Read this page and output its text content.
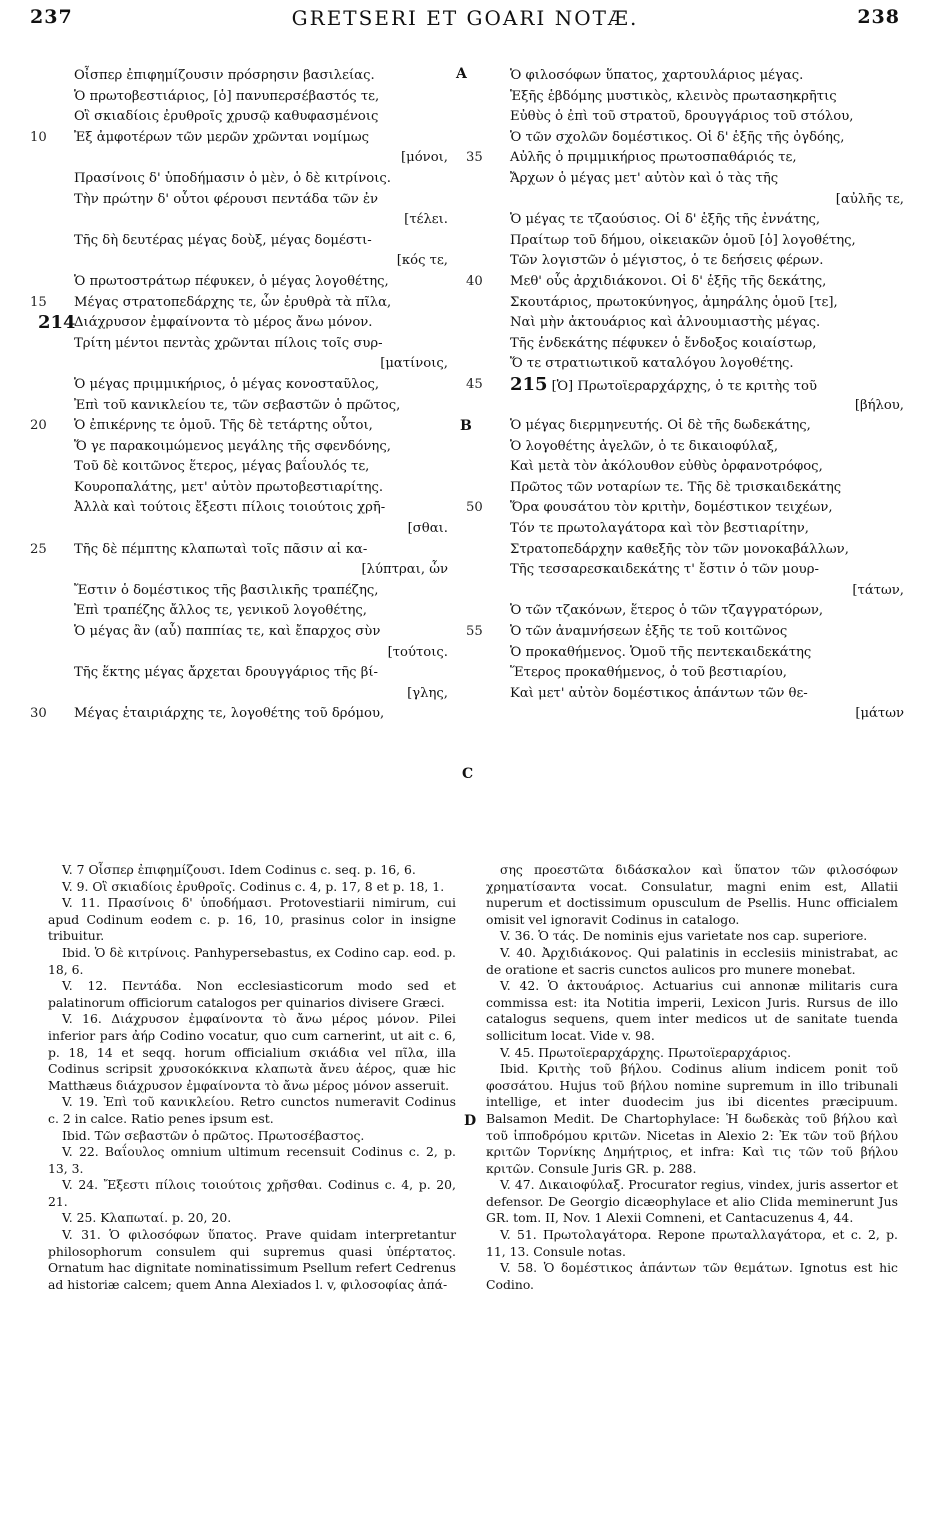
237	GRETSERI ET GOARI NOTÆ.	238
A
B
C
D
Οἶσπερ ἐπιφημίζουσιν πρόσρησιν βασιλείας.
Ὁ πρωτοβεστιάριος, [ὁ] πανυπερσέβαστός τε,
Οἳ σκιαδίοις ἐρυθροῖς χρυσῷ καθυφασμένοις
10	Ἐξ ἀμφοτέρων τῶν μερῶν χρῶνται νομίμως
[μόνοι,
Πρασίνοις δ' ὑποδήμασιν ὁ μὲν, ὁ δὲ κιτρίνοις.
Τὴν πρώτην δ' οὗτοι φέρουσι πεντάδα τῶν ἐν
[τέλει.
Τῆς δὴ δευτέρας μέγας δοὺξ, μέγας δομέστι-
[κός τε,
Ὁ πρωτοστράτωρ πέφυκεν, ὁ μέγας λογοθέτης,
15	Μέγας στρατοπεδάρχης τε, ὧν ἐρυθρὰ τὰ πῖλα,
214
Διάχρυσον ἐμφαίνοντα τὸ μέρος ἄνω μόνον.
Τρίτη μέντοι πεντὰς χρῶνται πίλοις τοῖς συρ-
[ματίνοις,
Ὁ μέγας πριμμικήριος, ὁ μέγας κονοσταῦλος,
Ἐπὶ τοῦ κανικλείου τε, τῶν σεβαστῶν ὁ πρῶτος,
20	Ὁ ἐπικέρνης τε ὁμοῦ. Τῆς δὲ τετάρτης οὗτοι,
Ὅ γε παρακοιμώμενος μεγάλης τῆς σφενδόνης,
Τοῦ δὲ κοιτῶνος ἕτερος, μέγας βαΐουλός τε,
Κουροπαλάτης, μετ' αὐτὸν πρωτοβεστιαρίτης.
Ἀλλὰ καὶ τούτοις ἔξεστι πίλοις τοιούτοις χρῆ-
[σθαι.
25	Τῆς δὲ πέμπτης κλαπωταὶ τοῖς πᾶσιν αἱ κα-
[λύπτραι, ὧν
Ἔστιν ὁ δομέστικος τῆς βασιλικῆς τραπέζης,
Ἐπὶ τραπέζης ἄλλος τε, γενικοῦ λογοθέτης,
Ὁ μέγας ἂν (αὖ) παππίας τε, καὶ ἔπαρχος σὺν
[τούτοις.
Τῆς ἕκτης μέγας ἄρχεται δρουγγάριος τῆς βί-
[γλης,
30	Μέγας ἑταιριάρχης τε, λογοθέτης τοῦ δρόμου,
Ὁ φιλοσόφων ὕπατος, χαρτουλάριος μέγας.
Ἑξῆς ἑβδόμης μυστικὸς, κλεινὸς πρωτασηκρῆτις
Εὐθὺς ὁ ἐπὶ τοῦ στρατοῦ, δρουγγάριος τοῦ στόλου,
Ὁ τῶν σχολῶν δομέστικος. Οἱ δ' ἑξῆς τῆς ὀγδόης,
35	Αὐλῆς ὁ πριμμικήριος πρωτοσπαθάριός τε,
Ἄρχων ὁ μέγας μετ' αὐτὸν καὶ ὁ τὰς τῆς
[αὐλῆς τε,
Ὁ μέγας τε τζαούσιος. Οἱ δ' ἑξῆς τῆς ἐννάτης,
Πραίτωρ τοῦ δήμου, οἰκειακῶν ὁμοῦ [ὁ] λογοθέτης,
Τῶν λογιστῶν ὁ μέγιστος, ὁ τε δεήσεις φέρων.
40	Μεθ' οὗς ἀρχιδιάκονοι. Οἱ δ' ἑξῆς τῆς δεκάτης,
Σκουτάριος, πρωτοκύνηγος, ἀμηράλης ὁμοῦ [τε],
Ναὶ μὴν ἀκτουάριος καὶ ἀλνουμιαστὴς μέγας.
Τῆς ἑνδεκάτης πέφυκεν ὁ ἔνδοξος κοιαίστωρ,
Ὅ τε στρατιωτικοῦ καταλόγου λογοθέτης.
45	215 [Ὁ] Πρωτοϊεραρχάρχης, ὁ τε κριτὴς τοῦ
[βήλου,
Ὁ μέγας διερμηνευτής. Οἱ δὲ τῆς δωδεκάτης,
Ὁ λογοθέτης ἀγελῶν, ὁ τε δικαιοφύλαξ,
Καὶ μετὰ τὸν ἀκόλουθον εὐθὺς ὀρφανοτρόφος,
Πρῶτος τῶν νοταρίων τε. Τῆς δὲ τρισκαιδεκάτης
50	Ὅρα φουσάτου τὸν κριτὴν, δομέστικον τειχέων,
Τόν τε πρωτολαγάτορα καὶ τὸν βεστιαρίτην,
Στρατοπεδάρχην καθεξῆς τὸν τῶν μονοκαβάλλων,
Τῆς τεσσαρεσκαιδεκάτης τ' ἔστιν ὁ τῶν μουρ-
[τάτων,
Ὁ τῶν τζακόνων, ἕτερος ὁ τῶν τζαγγρατόρων,
55	Ὁ τῶν ἀναμνήσεων ἑξῆς τε τοῦ κοιτῶνος
Ὁ προκαθήμενος. Ὁμοῦ τῆς πεντεκαιδεκάτης
Ἕτερος προκαθήμενος, ὁ τοῦ βεστιαρίου,
Καὶ μετ' αὐτὸν δομέστικος ἁπάντων τῶν θε-
[μάτων

V. 7 Οἶσπερ ἐπιφημίζουσι. Idem Codinus c. seq. p. 16, 6.

V. 9. Οἳ σκιαδίοις ἐρυθροῖς. Codinus c. 4, p. 17, 8 et p. 18, 1.

V. 11. Πρασίνοις δ' ὑποδήμασι. Protovestiarii nimirum, cui apud Codinum eodem c. p. 16, 10, prasinus color in insigne tribuitur.

Ibid. Ὁ δὲ κιτρίνοις. Panhypersebastus, ex Codino cap. eod. p. 18, 6.

V. 12. Πεντάδα. Non ecclesiasticorum modo sed et palatinorum officiorum catalogos per quinarios divisere Græci.

V. 16. Διάχρυσον ἐμφαίνοντα τὸ ἄνω μέρος μόνον. Pilei inferior pars ἀήρ Codino vocatur, quo cum carnerint, ut ait c. 6, p. 18, 14 et seqq. horum officialium σκιάδια vel πῖλα, illa Codinus scripsit χρυσοκόκκινα κλαπωτὰ ἄνευ ἀέρος, quæ hic Matthæus διάχρυσον ἐμφαίνοντα τὸ ἄνω μέρος μόνον asseruit.

V. 19. Ἐπὶ τοῦ κανικλείου. Retro cunctos numeravit Codinus c. 2 in calce. Ratio penes ipsum est.

Ibid. Τῶν σεβαστῶν ὁ πρῶτος. Πρωτοσέβαστος.

V. 22. Βαΐουλος omnium ultimum recensuit Codinus c. 2, p. 13, 3.

V. 24. Ἔξεστι πίλοις τοιούτοις χρῆσθαι. Codinus c. 4, p. 20, 21.

V. 25. Κλαπωταί. p. 20, 20.

V. 31. Ὁ φιλοσόφων ὕπατος. Prave quidam interpretantur philosophorum consulem qui supremus quasi ὑπέρτατος. Ornatum hac dignitate nominatissimum Psellum refert Cedrenus ad historiæ calcem; quem Anna Alexiados l. v, φιλοσοφίας ἀπά-

σης προεστῶτα διδάσκαλον καὶ ὕπατον τῶν φιλοσόφων χρηματίσαντα vocat. Consulatur, magni enim est, Allatii nuperum et doctissimum opusculum de Psellis. Hunc officialem omisit vel ignoravit Codinus in catalogo.

V. 36. Ὁ τάς. De nominis ejus varietate nos cap. superiore.

V. 40. Ἀρχιδιάκονος. Qui palatinis in ecclesiis ministrabat, ac de oratione et sacris cunctos aulicos pro munere monebat.

V. 42. Ὁ ἀκτουάριος. Actuarius cui annonæ militaris cura commissa est: ita Notitia imperii, Lexicon Juris. Rursus de illo catalogus sequens, quem inter medicos ut de sanitate tuenda sollicitum locat. Vide v. 98.

V. 45. Πρωτοϊεραρχάρχης. Πρωτοϊεραρχάριος.

Ibid. Κριτὴς τοῦ βήλου. Codinus alium indicem ponit τοῦ φοσσάτου. Hujus τοῦ βήλου nomine supremum in illo tribunali intellige, et inter duodecim jus ibi dicentes præcipuum. Balsamon Medit. De Chartophylace: Ἡ δωδεκὰς τοῦ βήλου καὶ τοῦ ἱπποδρόμου κριτῶν. Nicetas in Alexio 2: Ἐκ τῶν τοῦ βήλου κριτῶν Τορνίκης Δημήτριος, et infra: Καὶ τις τῶν τοῦ βήλου κριτῶν. Consule Juris GR. p. 288.

V. 47. Δικαιοφύλαξ. Procurator regius, vindex, juris assertor et defensor. De Georgio dicæophylace et alio Clida meminerunt Jus GR. tom. II, Nov. 1 Alexii Comneni, et Cantacuzenus 4, 44.

V. 51. Πρωτολαγάτορα. Repone πρωταλλαγάτορα, et c. 2, p. 11, 13. Consule notas.

V. 58. Ὁ δομέστικος ἁπάντων τῶν θεμάτων. Ignotus est hic Codino.
